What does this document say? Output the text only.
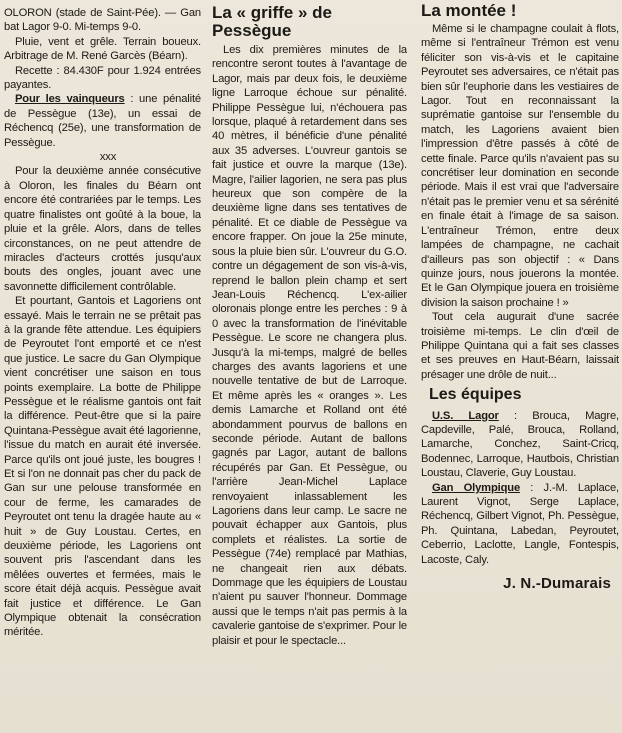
OLORON (stade de Saint-Pée). — Gan bat Lagor 9-0. Mi-temps 9-0.

Pluie, vent et grêle. Terrain boueux. Arbitrage de M. René Garcès (Béarn).

Recette : 84.430F pour 1.924 entrées payantes.

Pour les vainqueurs : une pénalité de Pessègue (13e), un essai de Réchencq (25e), une transformation de Pessègue.

xxx

Pour la deuxième année consécutive à Oloron, les finales du Béarn ont encore été contrariées par le temps. Les quatre finalistes ont goûté à la boue, la pluie et la grêle. Alors, dans de telles circonstances, on ne peut attendre de miracles d'acteurs crottés jusqu'aux bouts des ongles, jouant avec une savonnette difficilement contrôlable.

Et pourtant, Gantois et Lagoriens ont essayé. Mais le terrain ne se prêtait pas à la grande fête attendue. Les équipiers de Peyroutet l'ont emporté et ce n'est que justice. Le sacre du Gan Olympique vient concrétiser une saison en tous points exemplaire. La botte de Philippe Pessègue et le réalisme gantois ont fait la différence. Peut-être que si la paire Quintana-Pessègue avait été lagorienne, l'issue du match en aurait été inversée. Parce qu'ils ont joué juste, les bougres ! Et si l'on ne donnait pas cher du pack de Gan sur une pelouse transformée en cour de ferme, les camarades de Peyroutet ont tenu la dragée haute au « huit » de Guy Loustau. Certes, en deuxième période, les Lagoriens ont souvent pris l'ascendant dans les mêlées ouvertes et fermées, mais le score était déjà acquis. Pessègue avait fait justice et différence. Le Gan Olympique obtenait la consécration méritée.

La « griffe » de Pessègue

Les dix premières minutes de la rencontre seront toutes à l'avantage de Lagor, mais par deux fois, le deuxième ligne Larroque échoue sur pénalité. Philippe Pessègue lui, n'échouera pas lorsque, plaqué à retardement dans ses 40 mètres, il bénéficie d'une pénalité aux 35 adverses. L'ouvreur gantois se fait justice et ouvre la marque (13e). Magre, l'ailier lagorien, ne sera pas plus heureux que son compère de la deuxième ligne dans ses tentatives de pénalité. Et ce diable de Pessègue va encore frapper. On joue la 25e minute, sous la pluie bien sûr. L'ouvreur du G.O. contre un dégagement de son vis-à-vis, reprend le ballon plein champ et sert Jean-Louis Réchencq. L'ex-ailier oloronais plonge entre les perches : 9 à 0 avec la transformation de l'inévitable Pessègue. Le score ne changera plus. Jusqu'à la mi-temps, malgré de belles charges des avants lagoriens et une nouvelle tentative de but de Larroque. Et même après les « oranges ». Les demis Lamarche et Rolland ont été abondamment pourvus de ballons en seconde période. Autant de ballons gagnés par Lagor, autant de ballons récupérés par Gan. Et Pessègue, ou l'arrière Jean-Michel Laplace renvoyaient inlassablement les Lagoriens dans leur camp. Le sacre ne pouvait échapper aux Gantois, plus complets et réalistes. La sortie de Pessègue (74e) remplacé par Mathias, ne changeait rien aux débats. Dommage que les équipiers de Loustau n'aient pu sauver l'honneur. Dommage aussi que le temps n'ait pas permis à la cavalerie gantoise de s'exprimer. Pour le plaisir et pour le spectacle...

La montée !

Même si le champagne coulait à flots, même si l'entraîneur Trémon est venu féliciter son vis-à-vis et le capitaine Peyroutet ses adversaires, ce n'était pas bien sûr l'euphorie dans les vestiaires de Lagor. Tout en reconnaissant la suprématie gantoise sur l'ensemble du match, les Lagoriens avaient bien l'impression d'être passés à côté de cette finale. Parce qu'ils n'avaient pas su concrétiser leur domination en seconde période. Mais il est vrai que l'adversaire n'était pas le premier venu et sa sérénité en finale était à l'image de sa saison. L'entraîneur Trémon, entre deux lampées de champagne, ne cachait d'ailleurs pas son objectif : « Dans quinze jours, nous jouerons la montée. Et le Gan Olympique jouera en troisième division la saison prochaine ! »

Tout cela augurait d'une sacrée troisième mi-temps. Le clin d'œil de Philippe Quintana qui a fait ses classes et ses preuves en Haut-Béarn, laissait présager une drôle de nuit...

Les équipes

U.S. Lagor : Brouca, Magre, Capdeville, Palé, Brouca, Rolland, Lamarche, Conchez, Saint-Cricq, Bodennec, Larroque, Hautbois, Christian Loustau, Claverie, Guy Loustau.

Gan Olympique : J.-M. Laplace, Laurent Vignot, Serge Laplace, Réchencq, Gilbert Vignot, Ph. Pessègue, Ph. Quintana, Labedan, Peyroutet, Ceberrio, Laclotte, Langle, Fontespis, Lacoste, Caly.

J. N.-Dumarais
